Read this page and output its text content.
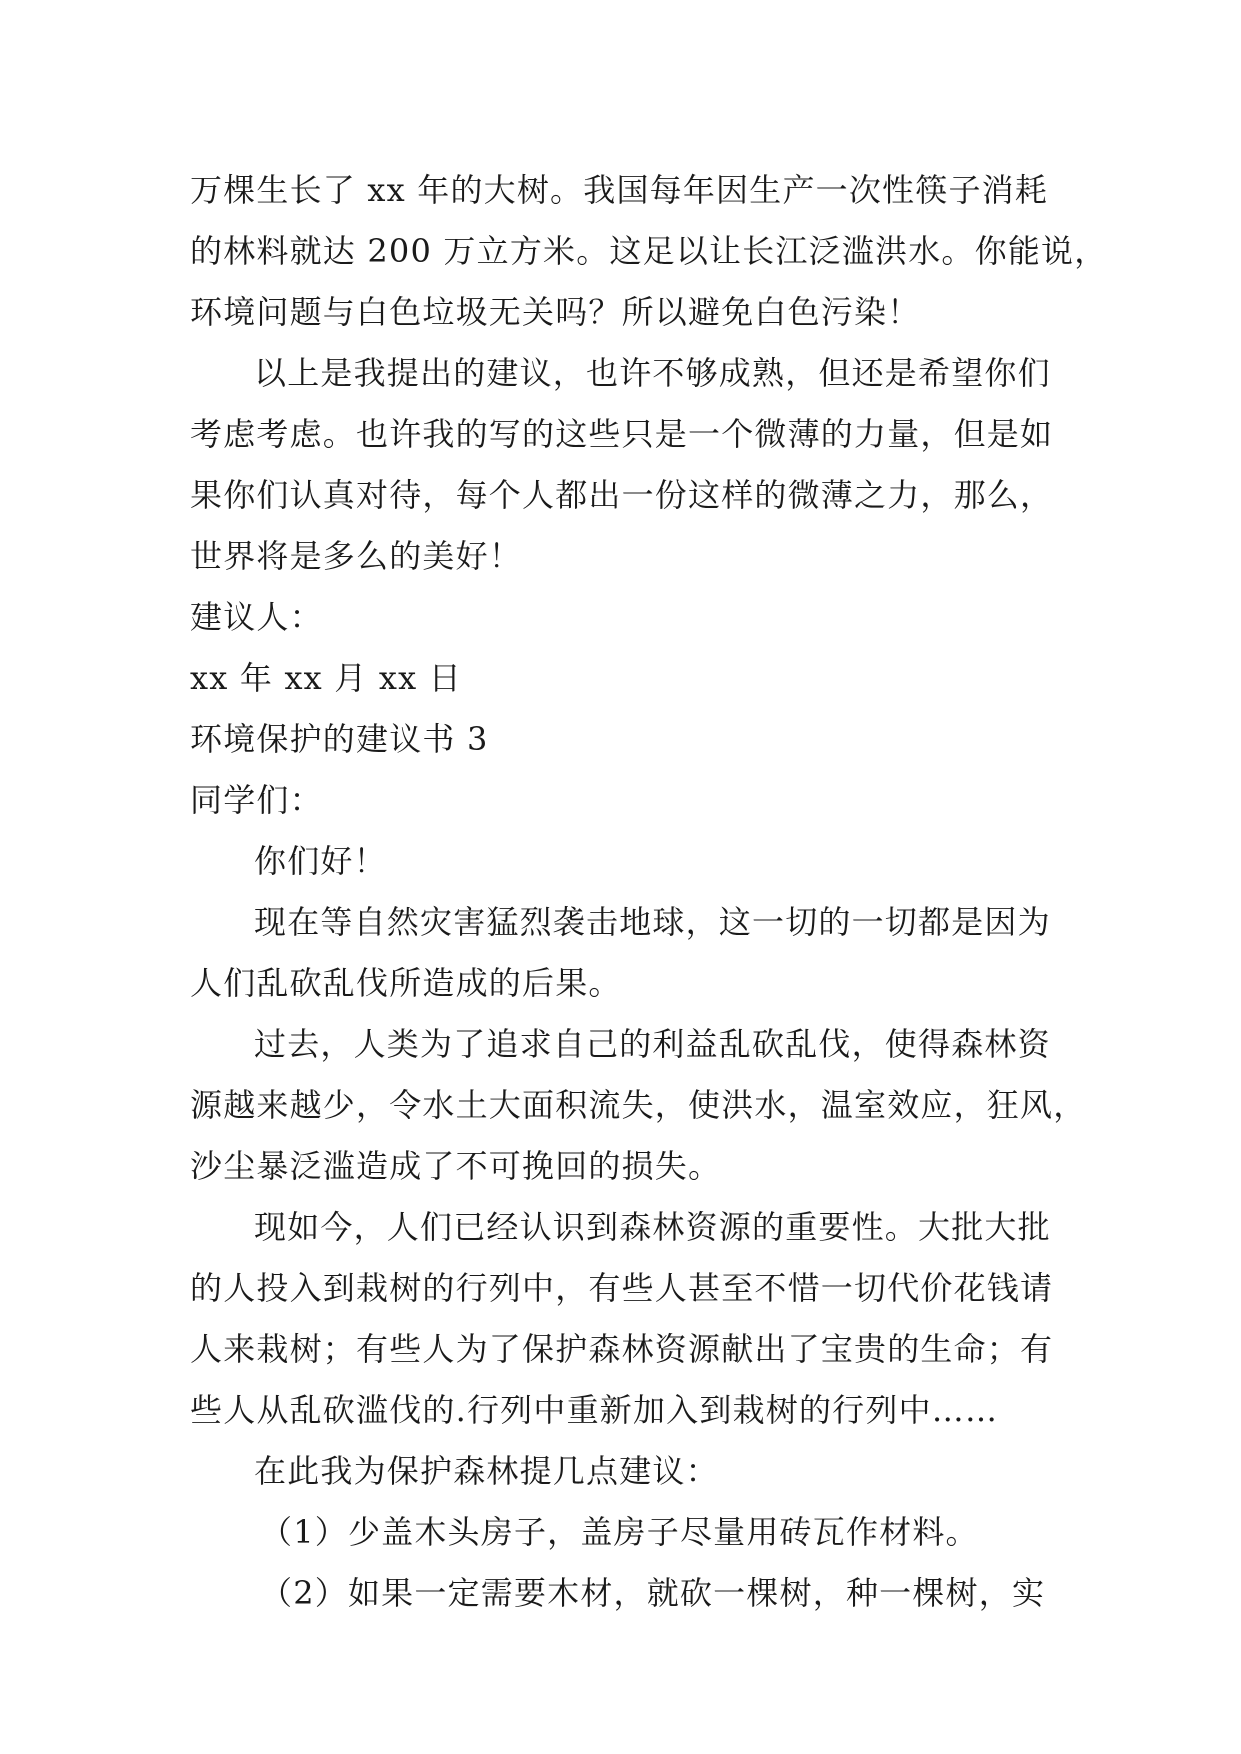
万棵生长了 xx 年的大树。我国每年因生产一次性筷子消耗
的林料就达 200 万立方米。这足以让长江泛滥洪水。你能说，
环境问题与白色垃圾无关吗？所以避免白色污染！
以上是我提出的建议，也许不够成熟，但还是希望你们
考虑考虑。也许我的写的这些只是一个微薄的力量，但是如
果你们认真对待，每个人都出一份这样的微薄之力，那么，
世界将是多么的美好！
建议人：
xx 年 xx 月 xx 日
环境保护的建议书 3
同学们：
你们好！
现在等自然灾害猛烈袭击地球，这一切的一切都是因为
人们乱砍乱伐所造成的后果。
过去，人类为了追求自己的利益乱砍乱伐，使得森林资
源越来越少，令水土大面积流失，使洪水，温室效应，狂风，
沙尘暴泛滥造成了不可挽回的损失。
现如今，人们已经认识到森林资源的重要性。大批大批
的人投入到栽树的行列中，有些人甚至不惜一切代价花钱请
人来栽树；有些人为了保护森林资源献出了宝贵的生命；有
些人从乱砍滥伐的.行列中重新加入到栽树的行列中……
在此我为保护森林提几点建议：
（1）少盖木头房子，盖房子尽量用砖瓦作材料。
（2）如果一定需要木材，就砍一棵树，种一棵树，实
